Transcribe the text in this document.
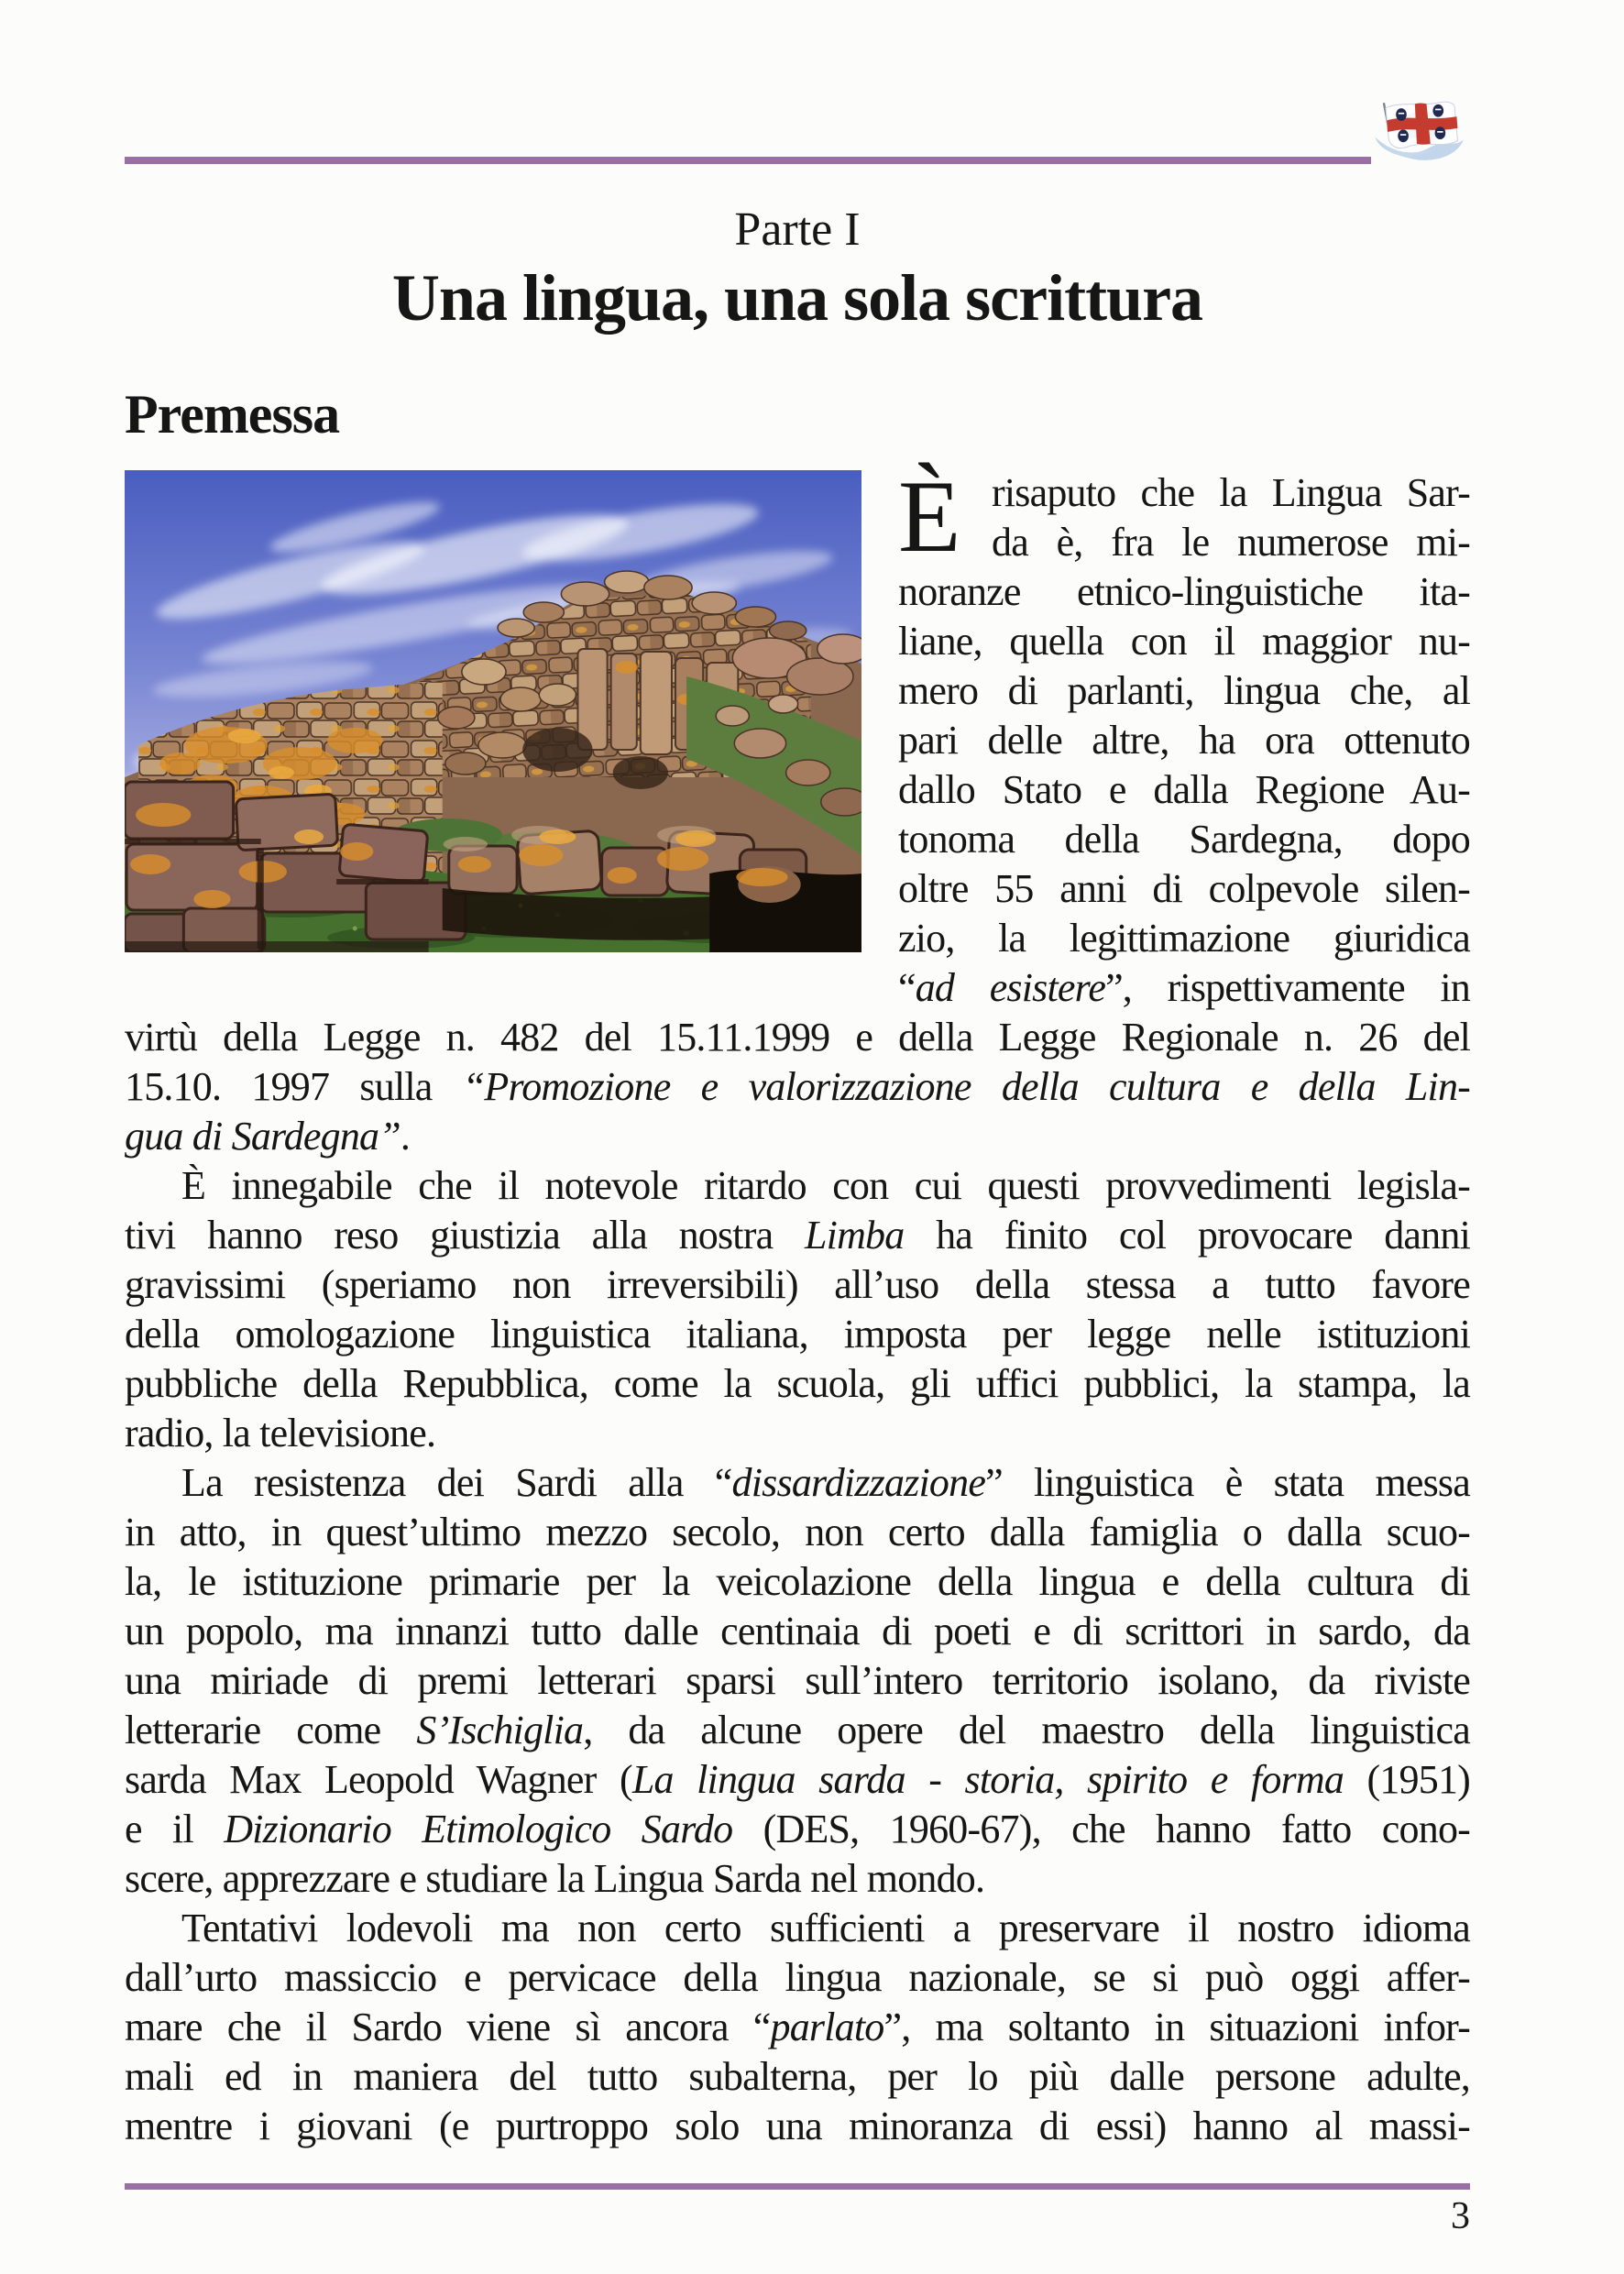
Parte I
Una lingua, una sola scrittura
Premessa
È risaputo che la Lingua Sar-
da è, fra le numerose mi-
noranze etnico-linguistiche ita-
liane, quella con il maggior nu-
mero di parlanti, lingua che, al
pari delle altre, ha ora ottenuto
dallo Stato e dalla Regione Au-
tonoma della Sardegna, dopo
oltre 55 anni di colpevole silen-
zio, la legittimazione giuridica
“ad esistere”, rispettivamente in
virtù della Legge n. 482 del 15.11.1999 e della Legge Regionale n. 26 del
15.10. 1997 sulla “Promozione e valorizzazione della cultura e della Lin-
gua di Sardegna”.
È innegabile che il notevole ritardo con cui questi provvedimenti legisla-
tivi hanno reso giustizia alla nostra Limba ha finito col provocare danni
gravissimi (speriamo non irreversibili) all’uso della stessa a tutto favore
della omologazione linguistica italiana, imposta per legge nelle istituzioni
pubbliche della Repubblica, come la scuola, gli uffici pubblici, la stampa, la
radio, la televisione.
La resistenza dei Sardi alla “dissardizzazione” linguistica è stata messa
in atto, in quest’ultimo mezzo secolo, non certo dalla famiglia o dalla scuo-
la, le istituzione primarie per la veicolazione della lingua e della cultura di
un popolo, ma innanzi tutto dalle centinaia di poeti e di scrittori in sardo, da
una miriade di premi letterari sparsi sull’intero territorio isolano, da riviste
letterarie come S’Ischiglia, da alcune opere del maestro della linguistica
sarda Max Leopold Wagner (La lingua sarda - storia, spirito e forma (1951)
e il Dizionario Etimologico Sardo (DES, 1960-67), che hanno fatto cono-
scere, apprezzare e studiare la Lingua Sarda nel mondo.
Tentativi lodevoli ma non certo sufficienti a preservare il nostro idioma
dall’urto massiccio e pervicace della lingua nazionale, se si può oggi affer-
mare che il Sardo viene sì ancora “parlato”, ma soltanto in situazioni infor-
mali ed in maniera del tutto subalterna, per lo più dalle persone adulte,
mentre i giovani (e purtroppo solo una minoranza di essi) hanno al massi-
3
